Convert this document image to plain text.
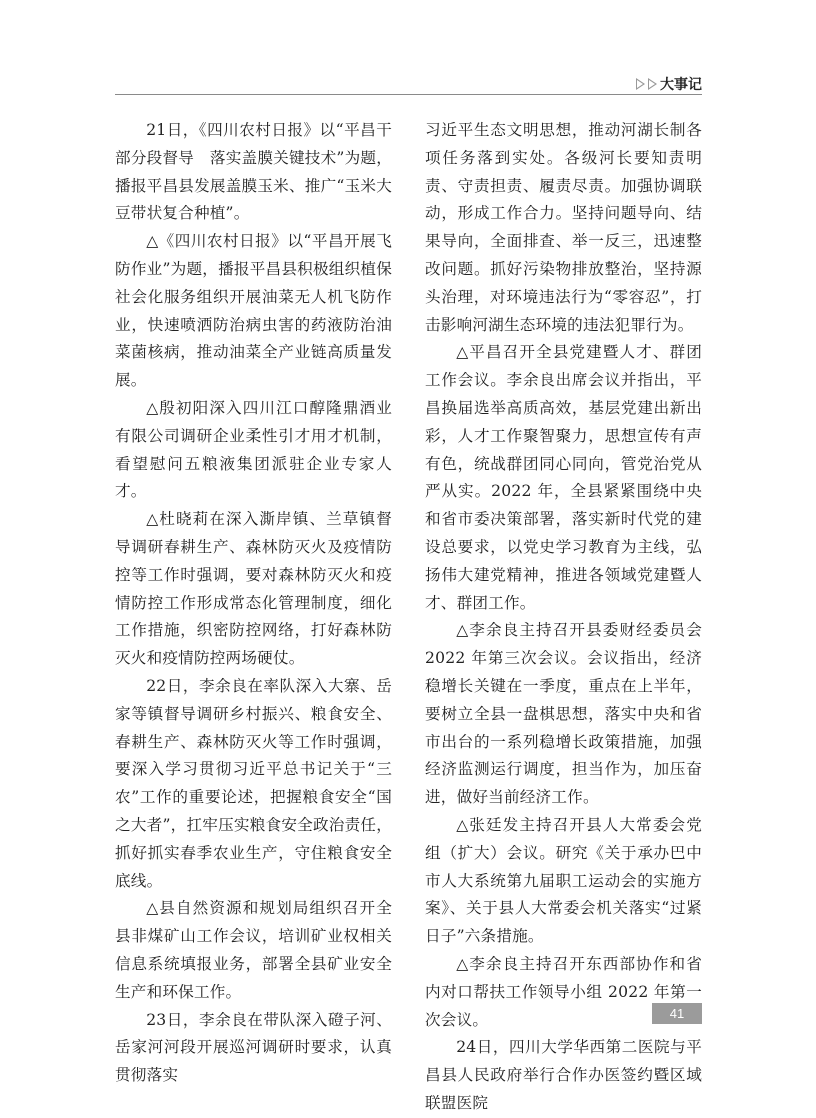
大事记

21日，《四川农村日报》以“平昌干部分段督导　落实盖膜关键技术”为题，播报平昌县发展盖膜玉米、推广“玉米大豆带状复合种植”。

△《四川农村日报》以“平昌开展飞防作业”为题，播报平昌县积极组织植保社会化服务组织开展油菜无人机飞防作业，快速喷洒防治病虫害的药液防治油菜菌核病，推动油菜全产业链高质量发展。

△殷初阳深入四川江口醇隆鼎酒业有限公司调研企业柔性引才用才机制，看望慰问五粮液集团派驻企业专家人才。

△杜晓莉在深入澌岸镇、兰草镇督导调研春耕生产、森林防灭火及疫情防控等工作时强调，要对森林防灭火和疫情防控工作形成常态化管理制度，细化工作措施，织密防控网络，打好森林防灭火和疫情防控两场硬仗。

22日，李余良在率队深入大寨、岳家等镇督导调研乡村振兴、粮食安全、春耕生产、森林防灭火等工作时强调，要深入学习贯彻习近平总书记关于“三农”工作的重要论述，把握粮食安全“国之大者”，扛牢压实粮食安全政治责任，抓好抓实春季农业生产，守住粮食安全底线。

△县自然资源和规划局组织召开全县非煤矿山工作会议，培训矿业权相关信息系统填报业务，部署全县矿业安全生产和环保工作。

23日，李余良在带队深入磴子河、岳家河河段开展巡河调研时要求，认真贯彻落实

习近平生态文明思想，推动河湖长制各项任务落到实处。各级河长要知责明责、守责担责、履责尽责。加强协调联动，形成工作合力。坚持问题导向、结果导向，全面排查、举一反三，迅速整改问题。抓好污染物排放整治，坚持源头治理，对环境违法行为“零容忍”，打击影响河湖生态环境的违法犯罪行为。

△平昌召开全县党建暨人才、群团工作会议。李余良出席会议并指出，平昌换届选举高质高效，基层党建出新出彩，人才工作聚智聚力，思想宣传有声有色，统战群团同心同向，管党治党从严从实。2022 年，全县紧紧围绕中央和省市委决策部署，落实新时代党的建设总要求，以党史学习教育为主线，弘扬伟大建党精神，推进各领域党建暨人才、群团工作。

△李余良主持召开县委财经委员会 2022 年第三次会议。会议指出，经济稳增长关键在一季度，重点在上半年，要树立全县一盘棋思想，落实中央和省市出台的一系列稳增长政策措施，加强经济监测运行调度，担当作为，加压奋进，做好当前经济工作。

△张廷发主持召开县人大常委会党组（扩大）会议。研究《关于承办巴中市人大系统第九届职工运动会的实施方案》、关于县人大常委会机关落实“过紧日子”六条措施。

△李余良主持召开东西部协作和省内对口帮扶工作领导小组 2022 年第一次会议。

24日，四川大学华西第二医院与平昌县人民政府举行合作办医签约暨区域联盟医院

41
